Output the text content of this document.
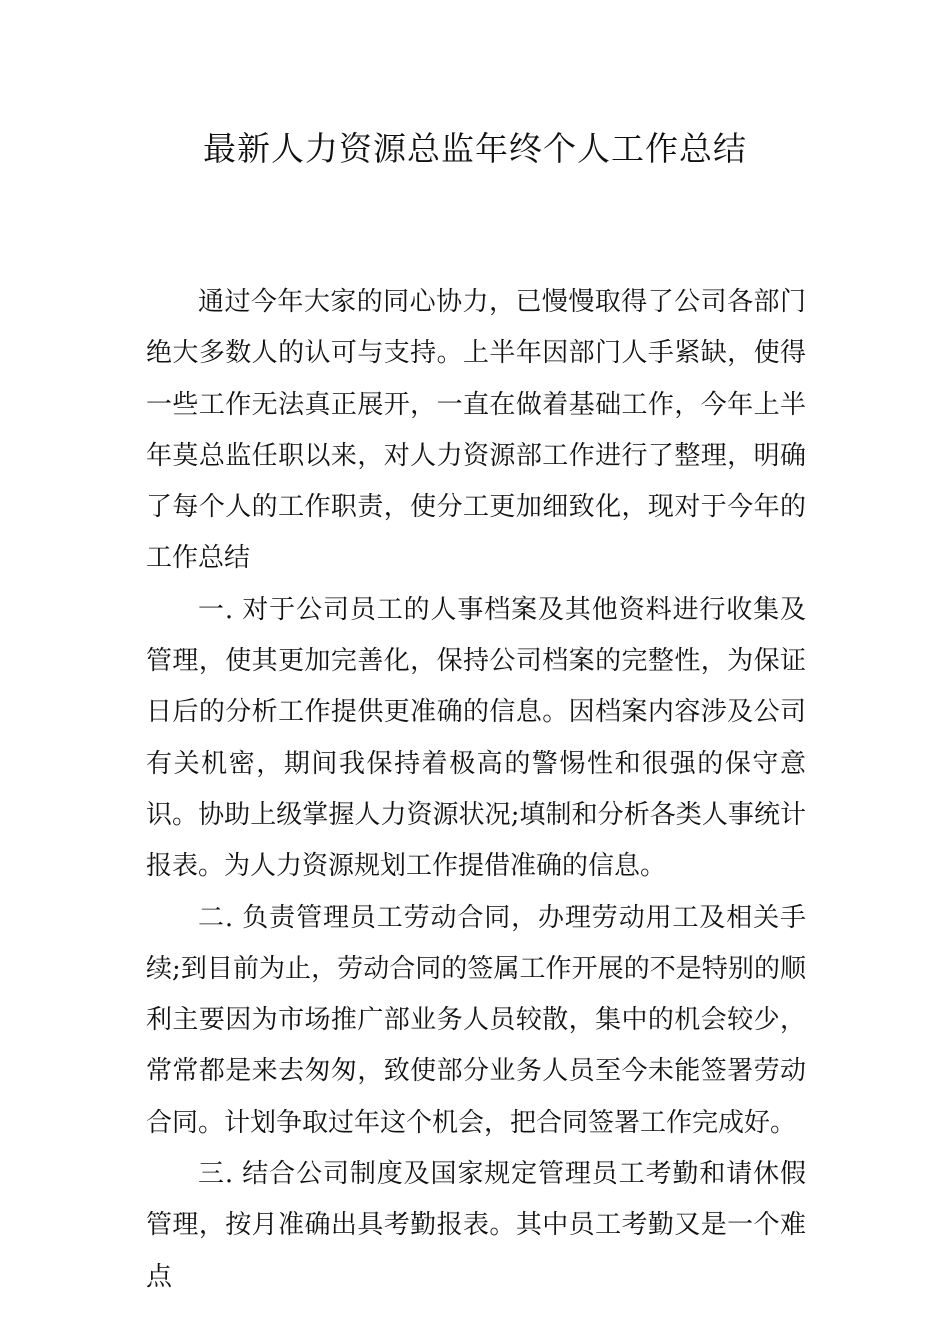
最新人力资源总监年终个人工作总结

通过今年大家的同心协力，已慢慢取得了公司各部门绝大多数人的认可与支持。上半年因部门人手紧缺，使得一些工作无法真正展开，一直在做着基础工作，今年上半年莫总监任职以来，对人力资源部工作进行了整理，明确了每个人的工作职责，使分工更加细致化，现对于今年的工作总结

一. 对于公司员工的人事档案及其他资料进行收集及管理，使其更加完善化，保持公司档案的完整性，为保证日后的分析工作提供更准确的信息。因档案内容涉及公司有关机密，期间我保持着极高的警惕性和很强的保守意识。协助上级掌握人力资源状况;填制和分析各类人事统计报表。为人力资源规划工作提借准确的信息。

二. 负责管理员工劳动合同，办理劳动用工及相关手续;到目前为止，劳动合同的签属工作开展的不是特别的顺利主要因为市场推广部业务人员较散，集中的机会较少，常常都是来去匆匆，致使部分业务人员至今未能签署劳动合同。计划争取过年这个机会，把合同签署工作完成好。

三. 结合公司制度及国家规定管理员工考勤和请休假管理，按月准确出具考勤报表。其中员工考勤又是一个难点
